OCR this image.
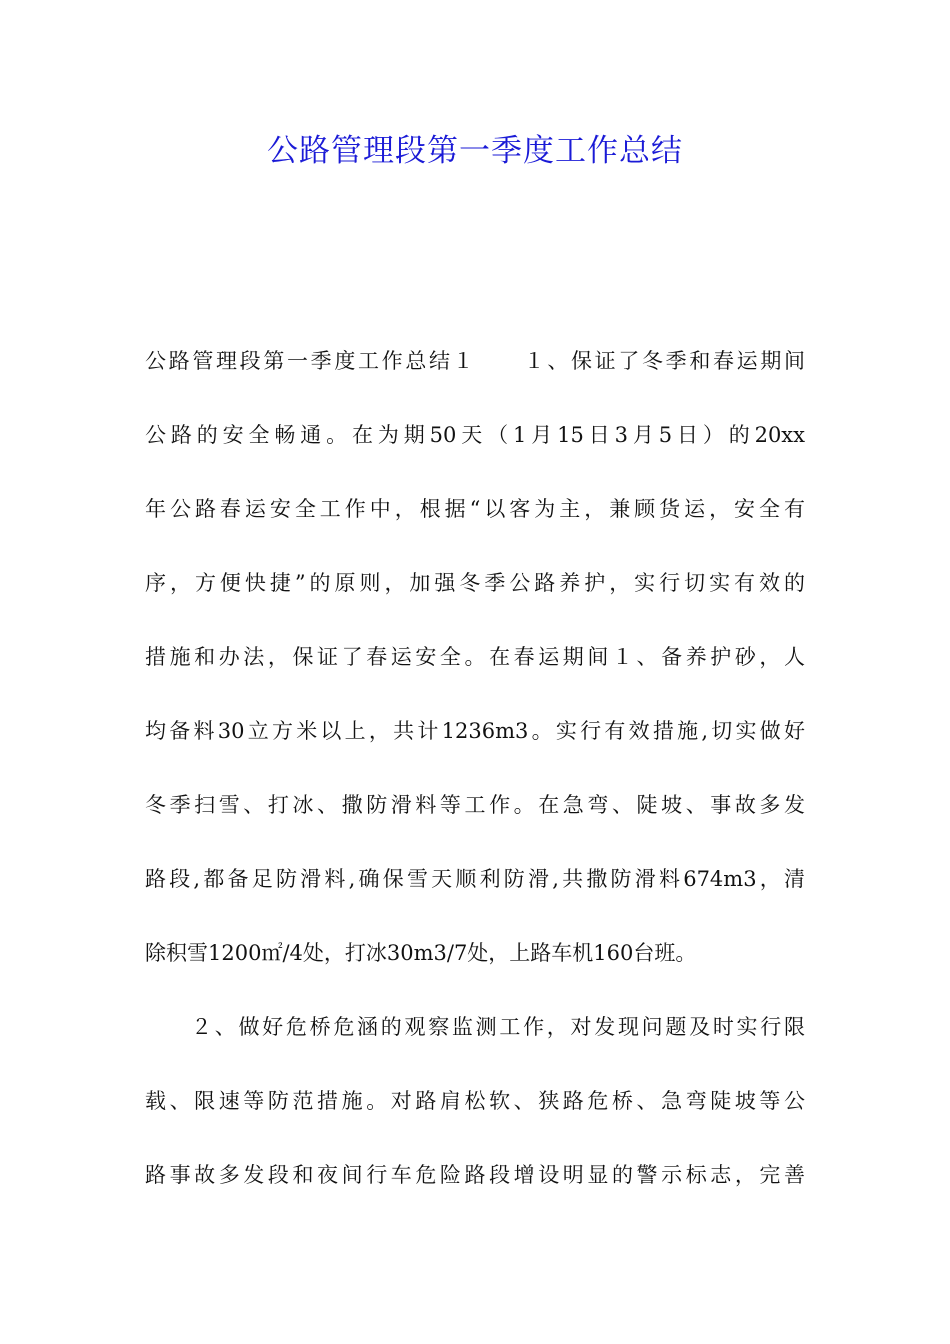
公路管理段第一季度工作总结
公路管理段第一季度工作总结１　　１、保证了冬季和春运期间
公路的安全畅通。在为期50天（1月15日3月5日）的20xx
年公路春运安全工作中，根据“以客为主，兼顾货运，安全有
序，方便快捷”的原则，加强冬季公路养护，实行切实有效的
措施和办法，保证了春运安全。在春运期间１、备养护砂，人
均备料30立方米以上，共计1236m3。实行有效措施,切实做好
冬季扫雪、打冰、撒防滑料等工作。在急弯、陡坡、事故多发
路段,都备足防滑料,确保雪天顺利防滑,共撒防滑料674m3，清
除积雪1200㎡/4处，打冰30m3/7处，上路车机160台班。
２、做好危桥危涵的观察监测工作，对发现问题及时实行限
载、限速等防范措施。对路肩松软、狭路危桥、急弯陡坡等公
路事故多发段和夜间行车危险路段增设明显的警示标志，完善
